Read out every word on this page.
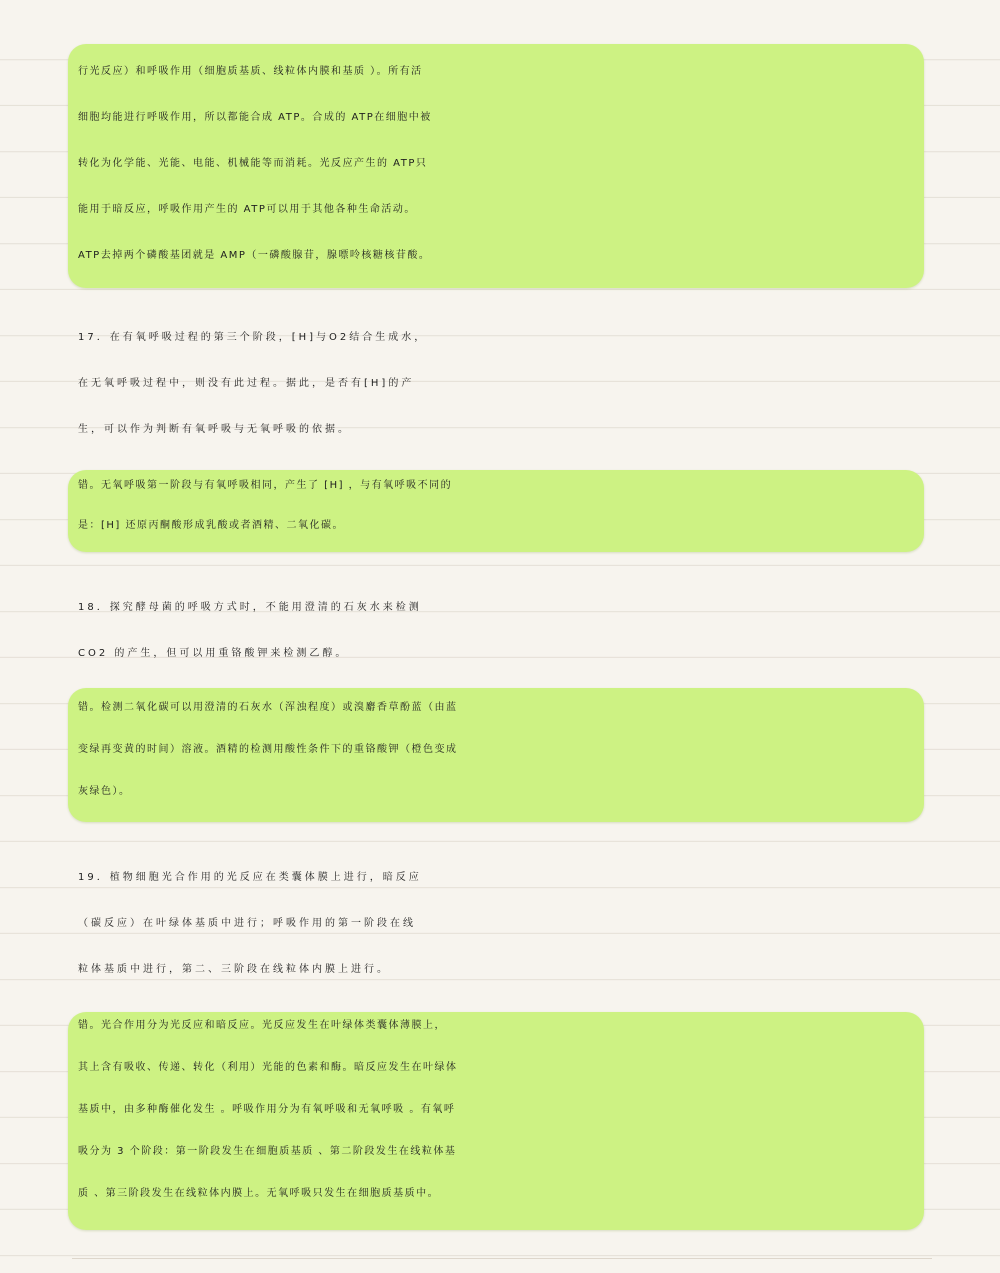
行光反应）和呼吸作用（细胞质基质、线粒体内膜和基质 ）。所有活
细胞均能进行呼吸作用，所以都能合成 ATP。合成的 ATP在细胞中被
转化为化学能、光能、电能、机械能等而消耗。光反应产生的 ATP只
能用于暗反应，呼吸作用产生的 ATP可以用于其他各种生命活动。
ATP去掉两个磷酸基团就是 AMP（一磷酸腺苷，腺嘌呤核糖核苷酸。
17．在有氧呼吸过程的第三个阶段，[H]与O2结合生成水，
在无氧呼吸过程中，则没有此过程。据此，是否有[H]的产
生，可以作为判断有氧呼吸与无氧呼吸的依据。
错。无氧呼吸第一阶段与有氧呼吸相同，产生了 [H] ，与有氧呼吸不同的
是：[H] 还原丙酮酸形成乳酸或者酒精、二氧化碳。
18．探究酵母菌的呼吸方式时，不能用澄清的石灰水来检测
CO2 的产生，但可以用重铬酸钾来检测乙醇。
错。检测二氧化碳可以用澄清的石灰水（浑浊程度）或溴麝香草酚蓝（由蓝
变绿再变黄的时间）溶液。酒精的检测用酸性条件下的重铬酸钾（橙色变成
灰绿色）。
19．植物细胞光合作用的光反应在类囊体膜上进行，暗反应
（碳反应）在叶绿体基质中进行；呼吸作用的第一阶段在线
粒体基质中进行，第二、三阶段在线粒体内膜上进行。
错。光合作用分为光反应和暗反应。光反应发生在叶绿体类囊体薄膜上，
其上含有吸收、传递、转化（利用）光能的色素和酶。暗反应发生在叶绿体
基质中，由多种酶催化发生 。呼吸作用分为有氧呼吸和无氧呼吸 。有氧呼
吸分为 3 个阶段：第一阶段发生在细胞质基质 、第二阶段发生在线粒体基
质 、第三阶段发生在线粒体内膜上。无氧呼吸只发生在细胞质基质中。
